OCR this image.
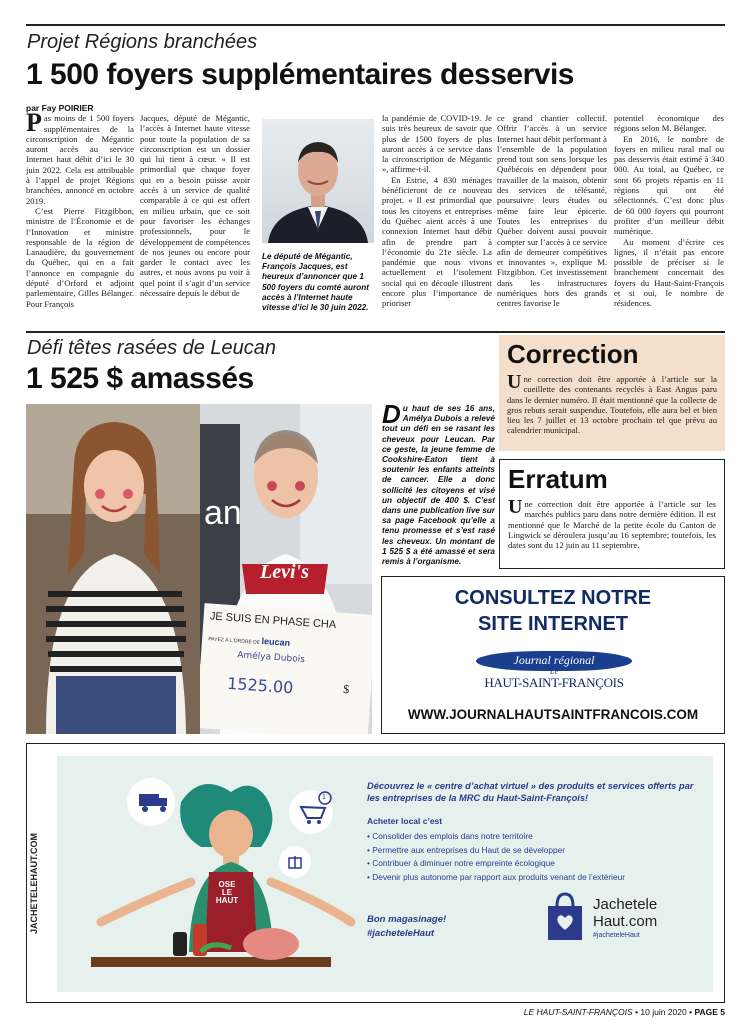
Projet Régions branchées
1 500 foyers supplémentaires desservis
par Fay POIRIER

Pas moins de 1 500 foyers supplémentaires de la circonscription de Mégantic auront accès au service Internet haut débit d’ici le 30 juin 2022. Cela est attribuable à l’appel de projet Régions branchées, annoncé en octobre 2019.

C’est Pierre Fitzgibbon, ministre de l’Économie et de l’Innovation et ministre responsable de la région de Lanaudière, du gouvernement du Québec, qui en a fait l’annonce en compagnie du député d’Orford et adjoint parlementaire, Gilles Bélanger. Pour François

Jacques, député de Mégantic, l’accès à Internet haute vitesse pour toute la population de sa circonscription est un dossier qui lui tient à cœur. « Il est primordial que chaque foyer qui en a besoin puisse avoir accès à un service de qualité comparable à ce qui est offert en milieu urbain, que ce soit pour favoriser les échanges professionnels, pour le développement de compétences de nos jeunes ou encore pour garder le contact avec les autres, et nous avons pu voir à quel point il s’agit d’un service nécessaire depuis le début de

Le député de Mégantic, François Jacques, est heureux d’annoncer que 1 500 foyers du comté auront accès à l’Internet haute vitesse d’ici le 30 juin 2022.

la pandémie de COVID-19. Je suis très heureux de savoir que plus de 1500 foyers de plus auront accès à ce service dans la circonscription de Mégantic », affirme-t-il.

En Estrie, 4 830 ménages bénéficieront de ce nouveau projet. « Il est primordial que tous les citoyens et entreprises du Québec aient accès à une connexion Internet haut débit afin de prendre part à l’économie du 21e siècle. La pandémie que nous vivons actuellement et l’isolement social qui en découle illustrent encore plus l’importance de prioriser

ce grand chantier collectif. Offrir l’accès à un service Internet haut débit performant à l’ensemble de la population prend tout son sens lorsque les Québécois en dépendent pour travailler de la maison, obtenir des services de télésanté, poursuivre leurs études ou même faire leur épicerie. Toutes les entreprises du Québec doivent aussi pouvoir compter sur l’accès à ce service afin de demeurer compétitives et innovantes », explique M. Fitzgibbon. Cet investissement dans les infrastructures numériques hors des grands centres favorise le

potentiel économique des régions selon M. Bélanger.

En 2016, le nombre de foyers en milieu rural mal ou pas desservis était estimé à 340 000. Au total, au Québec, ce sont 66 projets répartis en 11 régions qui ont été sélectionnés. C’est donc plus de 60 000 foyers qui pourront profiter d’un meilleur débit numérique.

Au moment d’écrire ces lignes, il n’était pas encore possible de préciser si le branchement concernait des foyers du Haut-Saint-François et si oui, le nombre de résidences.

Défi têtes rasées de Leucan
1 525 $ amassés
an
Levi's
JE SUIS EN PHASE CHA
PAYEZ À L'ORDRE DE leucan
Amélya Dubois
1525.00	$
Du haut de ses 16 ans, Amélya Dubois a relevé tout un défi en se rasant les cheveux pour Leucan. Par ce geste, la jeune femme de Cookshire-Eaton tient à soutenir les enfants atteints de cancer. Elle a donc sollicité les citoyens et visé un objectif de 400 $. C’est dans une publication live sur sa page Facebook qu’elle a tenu promesse et s’est rasé les cheveux. Un montant de 1 525 $ a été amassé et sera remis à l’organisme.
Correction
Une correction doit être apportée à l’article sur la cueillette des contenants recyclés à East Angus paru dans le dernier numéro. Il était mentionné que la collecte de gros rebuts serait suspendue. Toutefois, elle aura bel et bien lieu les 7 juillet et 13 octobre prochain tel que prévu au calendrier municipal.
Erratum
Une correction doit être apportée à l’article sur les marchés publics paru dans notre dernière édition. Il est mentionné que le Marché de la petite école du Canton de Lingwick se déroulera jusqu’au 16 septembre; toutefois, les dates sont du 12 juin au 11 septembre.
CONSULTEZ NOTRE
SITE INTERNET
Journal régional
Le
HAUT-SAINT-FRANÇOIS
WWW.JOURNALHAUTSAINTFRANCOIS.COM
JACHETELEHAUT.COM
1
OSE
LE
HAUT
Découvrez le « centre d’achat virtuel » des produits et services offerts par les entreprises de la MRC du Haut-Saint-François!
Acheter local c’est
• Consolider des emplois dans notre territoire
• Permettre aux entreprises du Haut de se développer
• Contribuer à diminuer notre empreinte écologique
• Devenir plus autonome par rapport aux produits venant de l’extérieur
Bon magasinage!
#jacheteleHaut
Jachetele
Haut.com
#jacheteleHaut
LE HAUT-SAINT-FRANÇOIS • 10 juin 2020 • PAGE 5
